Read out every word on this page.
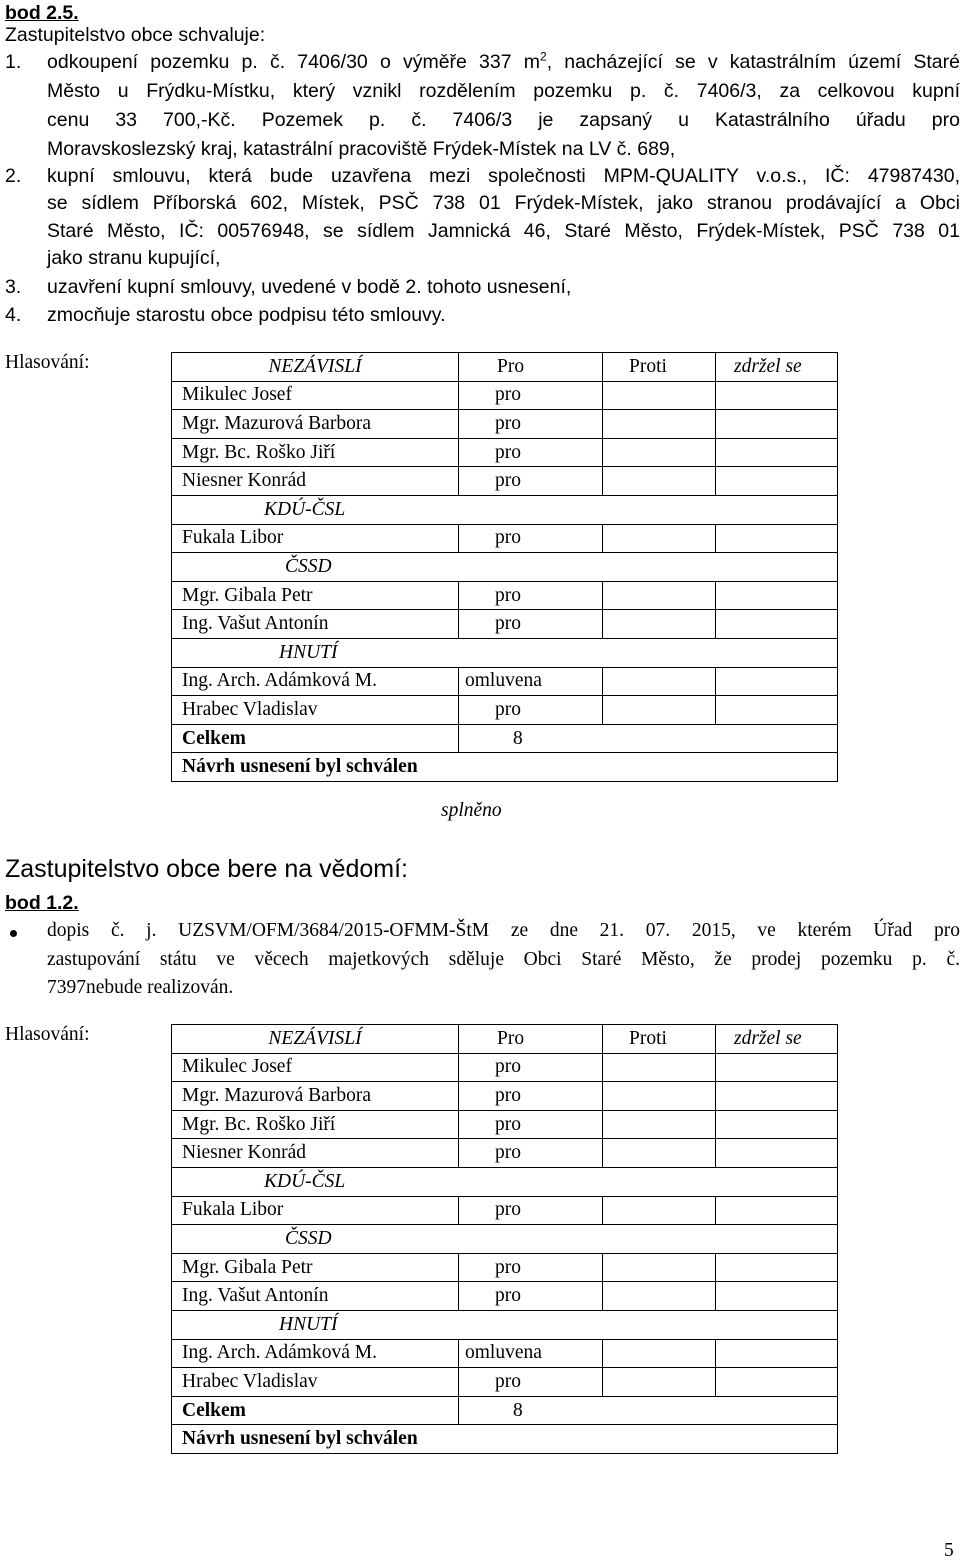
bod 2.5.
Zastupitelstvo obce schvaluje:
1. odkoupení pozemku p. č. 7406/30 o výměře 337 $m^2$, nacházející se v katastrálním území Staré
Město u Frýdku-Místku, který vznikl rozdělením pozemku p. č. 7406/3, za celkovou kupní
cenu 33 700,-Kč. Pozemek p. č. 7406/3 je zapsaný u Katastrálního úřadu pro
Moravskoslezský kraj, katastrální pracoviště Frýdek-Místek na LV č. 689,
2. kupní smlouvu, která bude uzavřena mezi společnosti MPM-QUALITY v.o.s., IČ: 47987430,
se sídlem Příborská 602, Místek, PSČ 738 01 Frýdek-Místek, jako stranou prodávající a Obci
Staré Město, IČ: 00576948, se sídlem Jamnická 46, Staré Město, Frýdek-Místek, PSČ 738 01
jako stranu kupující,
3. uzavření kupní smlouvy, uvedené v bodě 2. tohoto usnesení,
4. zmocňuje starostu obce podpisu této smlouvy.
Hlasování:	NEZÁVISLÍ	Pro	Proti	zdržel se
Mikulec Josef	pro		
Mgr. Mazurová Barbora	pro		
Mgr. Bc. Roško Jiří	pro		
Niesner Konrád	pro		
KDÚ-ČSL			
Fukala Libor	pro		
ČSSD			
Mgr. Gibala Petr	pro		
Ing. Vašut Antonín	pro		
HNUTÍ			
Ing. Arch. Adámková M.	omluvena		
Hrabec Vladislav	pro		
Celkem	8		
Návrh usnesení byl schválen			
splněno
Zastupitelstvo obce bere na vědomí:
bod 1.2.
dopis č. j. UZSVM/OFM/3684/2015-OFMM-ŠtM ze dne 21. 07. 2015, ve kterém Úřad pro
zastupování státu ve věcech majetkových sděluje Obci Staré Město, že prodej pozemku p. č.
7397nebude realizován.
Hlasování:	NEZÁVISLÍ	Pro	Proti	zdržel se
Mikulec Josef	pro		
Mgr. Mazurová Barbora	pro		
Mgr. Bc. Roško Jiří	pro		
Niesner Konrád	pro		
KDÚ-ČSL			
Fukala Libor	pro		
ČSSD			
Mgr. Gibala Petr	pro		
Ing. Vašut Antonín	pro		
HNUTÍ			
Ing. Arch. Adámková M.	omluvena		
Hrabec Vladislav	pro		
Celkem	8		
Návrh usnesení byl schválen			
5
